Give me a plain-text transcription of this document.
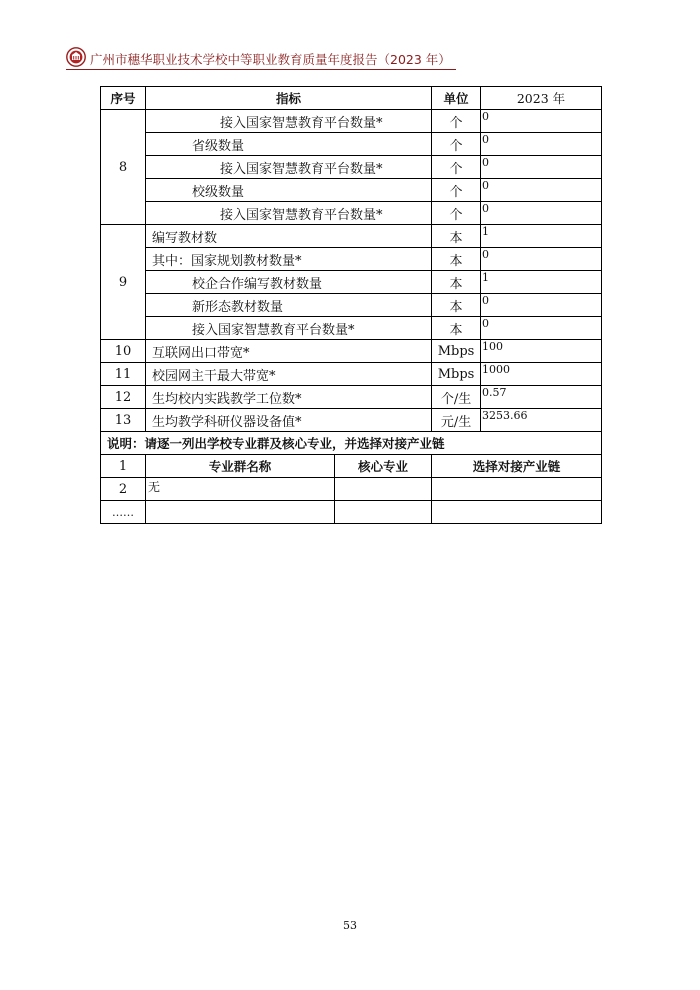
广州市穗华职业技术学校中等职业教育质量年度报告（2023 年）
序号	指标		单位	2023 年
8	接入国家智慧教育平台数量*		个	0
	省级数量		个	0
	接入国家智慧教育平台数量*		个	0
	校级数量		个	0
	接入国家智慧教育平台数量*		个	0
9	编写教材数		本	1
	其中：国家规划教材数量*		本	0
	校企合作编写教材数量		本	1
	新形态教材数量		本	0
	接入国家智慧教育平台数量*		本	0
10	互联网出口带宽*		Mbps	100
11	校园网主干最大带宽*		Mbps	1000
12	生均校内实践教学工位数*		个/生	0.57
13	生均教学科研仪器设备值*		元/生	3253.66
说明：请逐一列出学校专业群及核心专业，并选择对接产业链				
1	专业群名称	核心专业	选择对接产业链	
2	无			
……				
53
